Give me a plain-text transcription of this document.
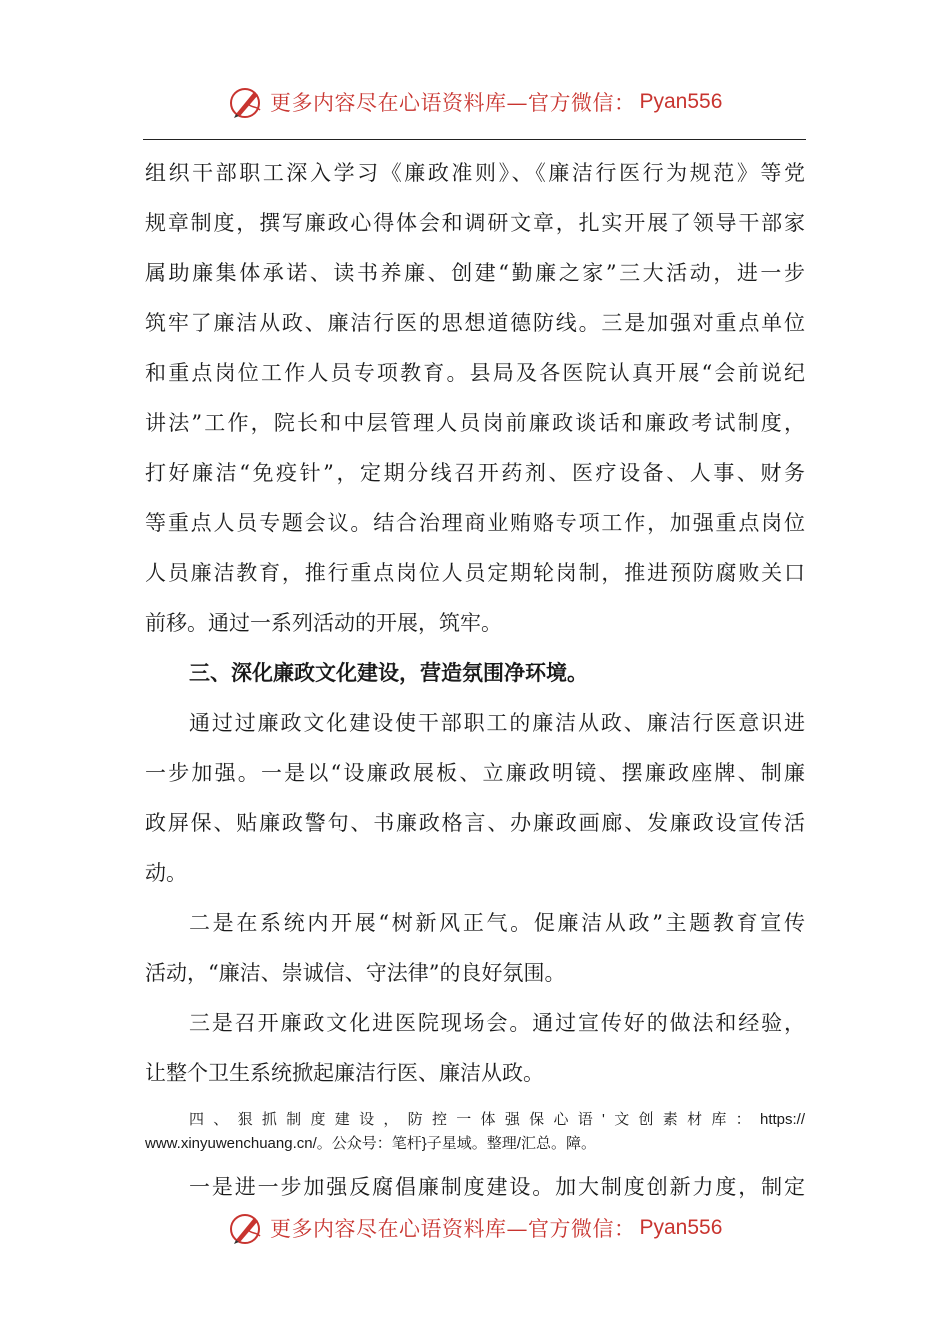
更多内容尽在心语资料库—官方微信： Pyan556
组织干部职工深入学习《廉政准则》、《廉洁行医行为规范》等党
规章制度，撰写廉政心得体会和调研文章，扎实开展了领导干部家
属助廉集体承诺、读书养廉、创建“勤廉之家”三大活动，进一步
筑牢了廉洁从政、廉洁行医的思想道德防线。三是加强对重点单位
和重点岗位工作人员专项教育。县局及各医院认真开展“会前说纪
讲法”工作，院长和中层管理人员岗前廉政谈话和廉政考试制度，
打好廉洁“免疫针”，定期分线召开药剂、医疗设备、人事、财务
等重点人员专题会议。结合治理商业贿赂专项工作，加强重点岗位
人员廉洁教育，推行重点岗位人员定期轮岗制，推进预防腐败关口
前移。通过一系列活动的开展，筑牢。
三、深化廉政文化建设，营造氛围净环境。
通过过廉政文化建设使干部职工的廉洁从政、廉洁行医意识进
一步加强。一是以“设廉政展板、立廉政明镜、摆廉政座牌、制廉
政屏保、贴廉政警句、书廉政格言、办廉政画廊、发廉政设宣传活
动。
二是在系统内开展“树新风正气。促廉洁从政”主题教育宣传
活动，“廉洁、崇诚信、守法律”的良好氛围。
三是召开廉政文化进医院现场会。通过宣传好的做法和经验，
让整个卫生系统掀起廉洁行医、廉洁从政。
四、狠抓制度建设，防控一体强保心语'文创素材库：https://
www.xinyuwenchuang.cn/。公众号：笔杆}子星域。整理/汇总。障。
一是进一步加强反腐倡廉制度建设。加大制度创新力度，制定
更多内容尽在心语资料库—官方微信： Pyan556
